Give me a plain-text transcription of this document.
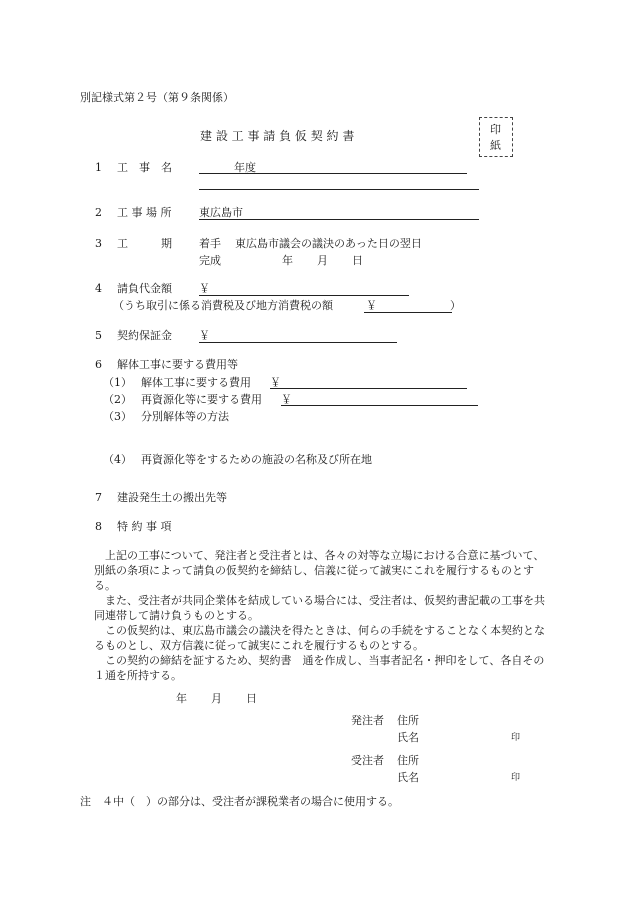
別記様式第２号（第９条関係）
建 設 工 事 請 負 仮 契 約 書	印
紙
1 工　事　名	年度
2 工 事 場 所	東広島市
3 工　　　期 着手 東広島市議会の議決のあった日の翌日
完成	年 月 日
4 請負代金額 ￥
（うち取引に係る消費税及び地方消費税の額	￥	）
5 契約保証金 ￥
6 解体工事に要する費用等
（1） 解体工事に要する費用 ￥
（2） 再資源化等に要する費用 ￥
（3） 分別解体等の方法
（4） 再資源化等をするための施設の名称及び所在地
7 建設発生土の搬出先等
8 特 約 事 項

上記の工事について、発注者と受注者とは、各々の対等な立場における合意に基づいて、別紙の条項によって請負の仮契約を締結し、信義に従って誠実にこれを履行するものとする。

また、受注者が共同企業体を結成している場合には、受注者は、仮契約書記載の工事を共同連帯して請け負うものとする。

この仮契約は、東広島市議会の議決を得たときは、何らの手続をすることなく本契約となるものとし、双方信義に従って誠実にこれを履行するものとする。

この契約の締結を証するため、契約書　通を作成し、当事者記名・押印をして、各自その１通を所持する。

年 月 日
発注者 住所
氏名	印
受注者 住所
氏名	印
注　４中（　）の部分は、受注者が課税業者の場合に使用する。
